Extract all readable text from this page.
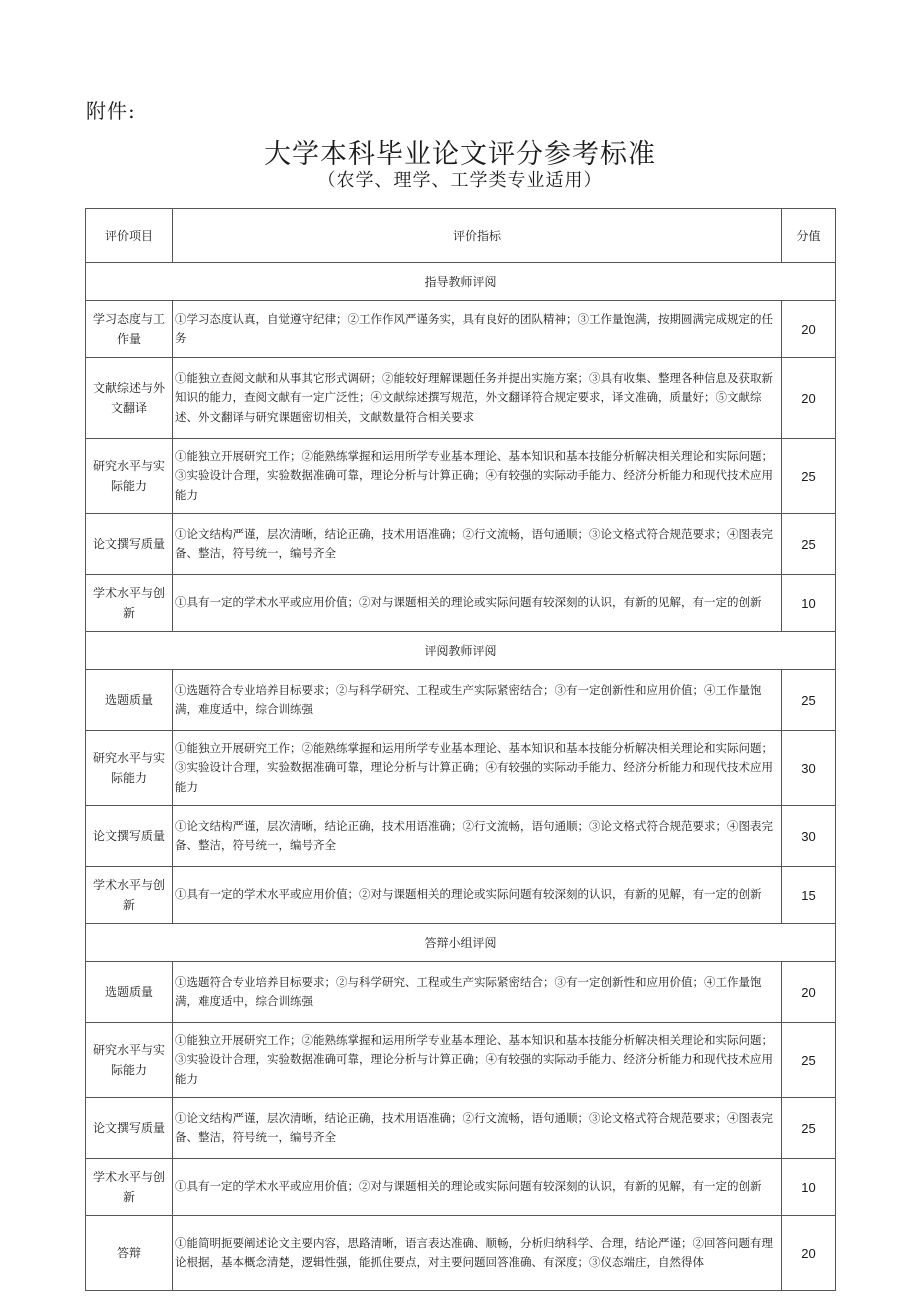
附件:
大学本科毕业论文评分参考标准
（农学、理学、工学类专业适用）
评价项目	评价指标	分值
指导教师评阅		
学习态度与工作量	①学习态度认真，自觉遵守纪律；②工作作风严谨务实，具有良好的团队精神；③工作量饱满，按期圆满完成规定的任务	20
文献综述与外文翻译	①能独立查阅文献和从事其它形式调研；②能较好理解课题任务并提出实施方案；③具有收集、整理各种信息及获取新知识的能力，查阅文献有一定广泛性；④文献综述撰写规范，外文翻译符合规定要求，译文准确，质量好；⑤文献综述、外文翻译与研究课题密切相关，文献数量符合相关要求	20
研究水平与实际能力	①能独立开展研究工作；②能熟练掌握和运用所学专业基本理论、基本知识和基本技能分析解决相关理论和实际问题；③实验设计合理，实验数据准确可靠，理论分析与计算正确；④有较强的实际动手能力、经济分析能力和现代技术应用能力	25
论文撰写质量	①论文结构严谨，层次清晰，结论正确，技术用语准确；②行文流畅，语句通顺；③论文格式符合规范要求；④图表完备、整洁，符号统一，编号齐全	25
学术水平与创新	①具有一定的学术水平或应用价值；②对与课题相关的理论或实际问题有较深刻的认识，有新的见解，有一定的创新	10
评阅教师评阅		
选题质量	①选题符合专业培养目标要求；②与科学研究、工程或生产实际紧密结合；③有一定创新性和应用价值；④工作量饱满，难度适中，综合训练强	25
研究水平与实际能力	①能独立开展研究工作；②能熟练掌握和运用所学专业基本理论、基本知识和基本技能分析解决相关理论和实际问题；③实验设计合理，实验数据准确可靠，理论分析与计算正确；④有较强的实际动手能力、经济分析能力和现代技术应用能力	30
论文撰写质量	①论文结构严谨，层次清晰，结论正确，技术用语准确；②行文流畅，语句通顺；③论文格式符合规范要求；④图表完备、整洁，符号统一，编号齐全	30
学术水平与创新	①具有一定的学术水平或应用价值；②对与课题相关的理论或实际问题有较深刻的认识，有新的见解，有一定的创新	15
答辩小组评阅		
选题质量	①选题符合专业培养目标要求；②与科学研究、工程或生产实际紧密结合；③有一定创新性和应用价值；④工作量饱满，难度适中，综合训练强	20
研究水平与实际能力	①能独立开展研究工作；②能熟练掌握和运用所学专业基本理论、基本知识和基本技能分析解决相关理论和实际问题；③实验设计合理，实验数据准确可靠，理论分析与计算正确；④有较强的实际动手能力、经济分析能力和现代技术应用能力	25
论文撰写质量	①论文结构严谨，层次清晰，结论正确，技术用语准确；②行文流畅，语句通顺；③论文格式符合规范要求；④图表完备、整洁，符号统一，编号齐全	25
学术水平与创新	①具有一定的学术水平或应用价值；②对与课题相关的理论或实际问题有较深刻的认识，有新的见解，有一定的创新	10
答辩	①能简明扼要阐述论文主要内容，思路清晰，语言表达准确、顺畅，分析归纳科学、合理，结论严谨；②回答问题有理论根据，基本概念清楚，逻辑性强，能抓住要点，对主要问题回答准确、有深度；③仪态端庄，自然得体	20
